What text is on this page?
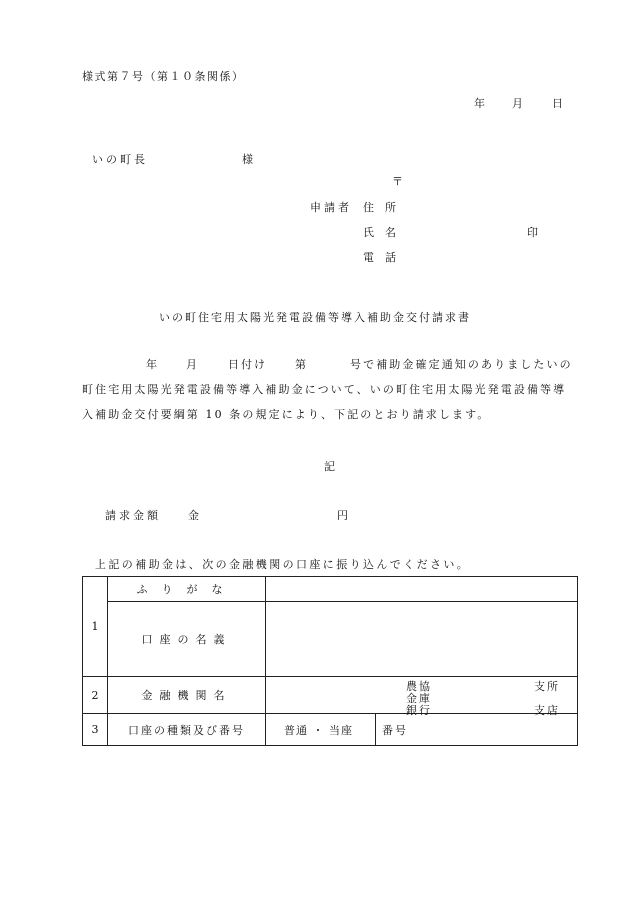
様式第７号（第１０条関係）
年 月	日
いの町長	様
〒
申請者 住　所
氏　名	印
電　話
いの町住宅用太陽光発電設備等導入補助金交付請求書
年	月	日付け	第	号で補助金確定通知のありましたいの
町住宅用太陽光発電設備等導入補助金について、いの町住宅用太陽光発電設備等導
入補助金交付要綱第 10 条の規定により、下記のとおり請求します。
記
請求金額 金	円
上記の補助金は、次の金融機関の口座に振り込んでください。
1	ふりがな	
	口座の名義	
2	金融機関名	農協
金庫
銀行
支所
支店

3	口座の種類及び番号	普通 ・ 当座 番号
